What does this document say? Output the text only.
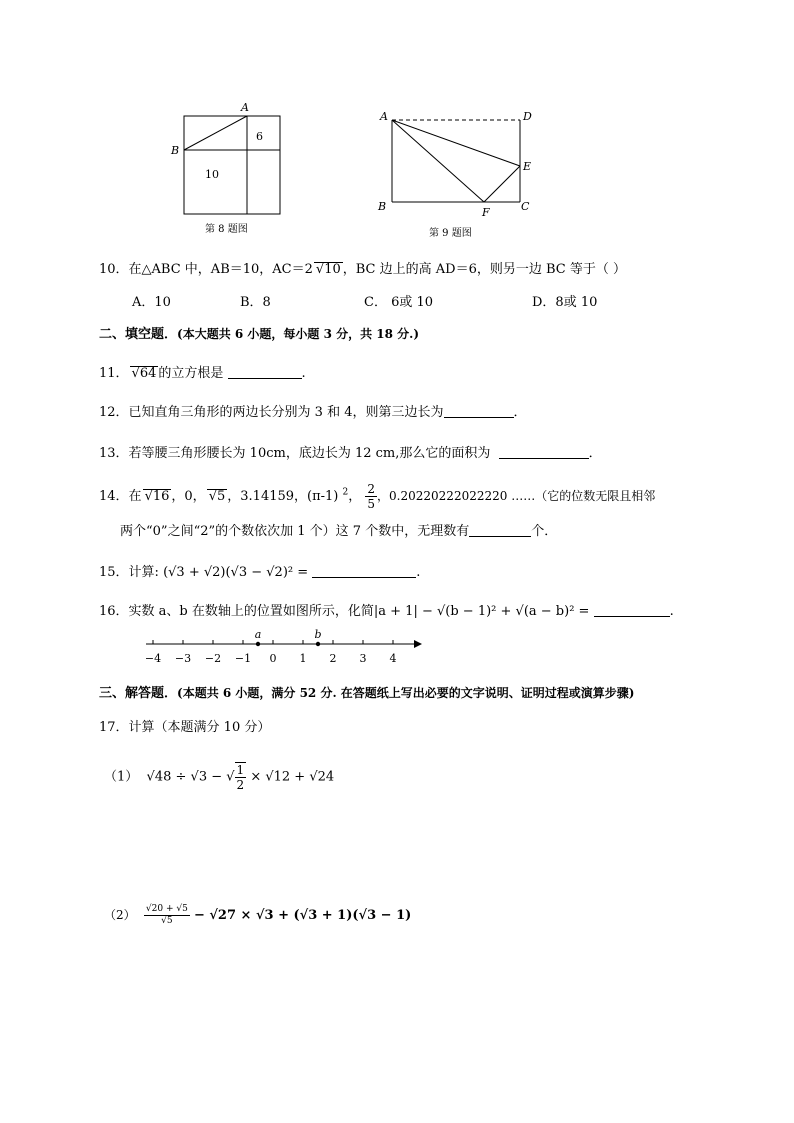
A
B
6
10
第 8 题图
A	D
E
B	F	C
第 9 题图
10．在△ABC 中，AB＝10，AC＝2 √10 ，BC 边上的高 AD＝6，则另一边 BC 等于（ ）
A．10	B．8	C． 6或 10	D．8或 10
二、填空题．(本大题共 6 小题，每小题 3 分，共 18 分.)
11． √64 的立方根是	.
12．已知直角三角形的两边长分别为 3 和 4，则第三边长为	．
13．若等腰三角形腰长为 10cm，底边长为 12 cm,那么它的面积为	．
14．在 √16 ，0， √5 ，3.14159，(π-1) $^2$， $\frac{2}{5}$ ，0.20220222022220 ……（它的位数无限且相邻
两个“0”之间“2”的个数依次加 1 个）这 7 个数中，无理数有	个．
15．计算: (√3 + √2)(√3 − √2)² =	.
16．实数 a、b 在数轴上的位置如图所示，化简|a + 1| − √(b − 1)² + √(a − b)² =	.
−4 −3 −2 −1 0 1 2 3 4
a	b
三、解答题．(本题共 6 小题，满分 52 分. 在答题纸上写出必要的文字说明、证明过程或演算步骤)
17．计算（本题满分 10 分）
（1） √48 ÷ √3 − √ $\frac{1}{2} \times √12 + √24$
$(2) \frac{√20 + √5}{√5} - √27 \times √3 + (√3 + 1)(√3 - 1)$
